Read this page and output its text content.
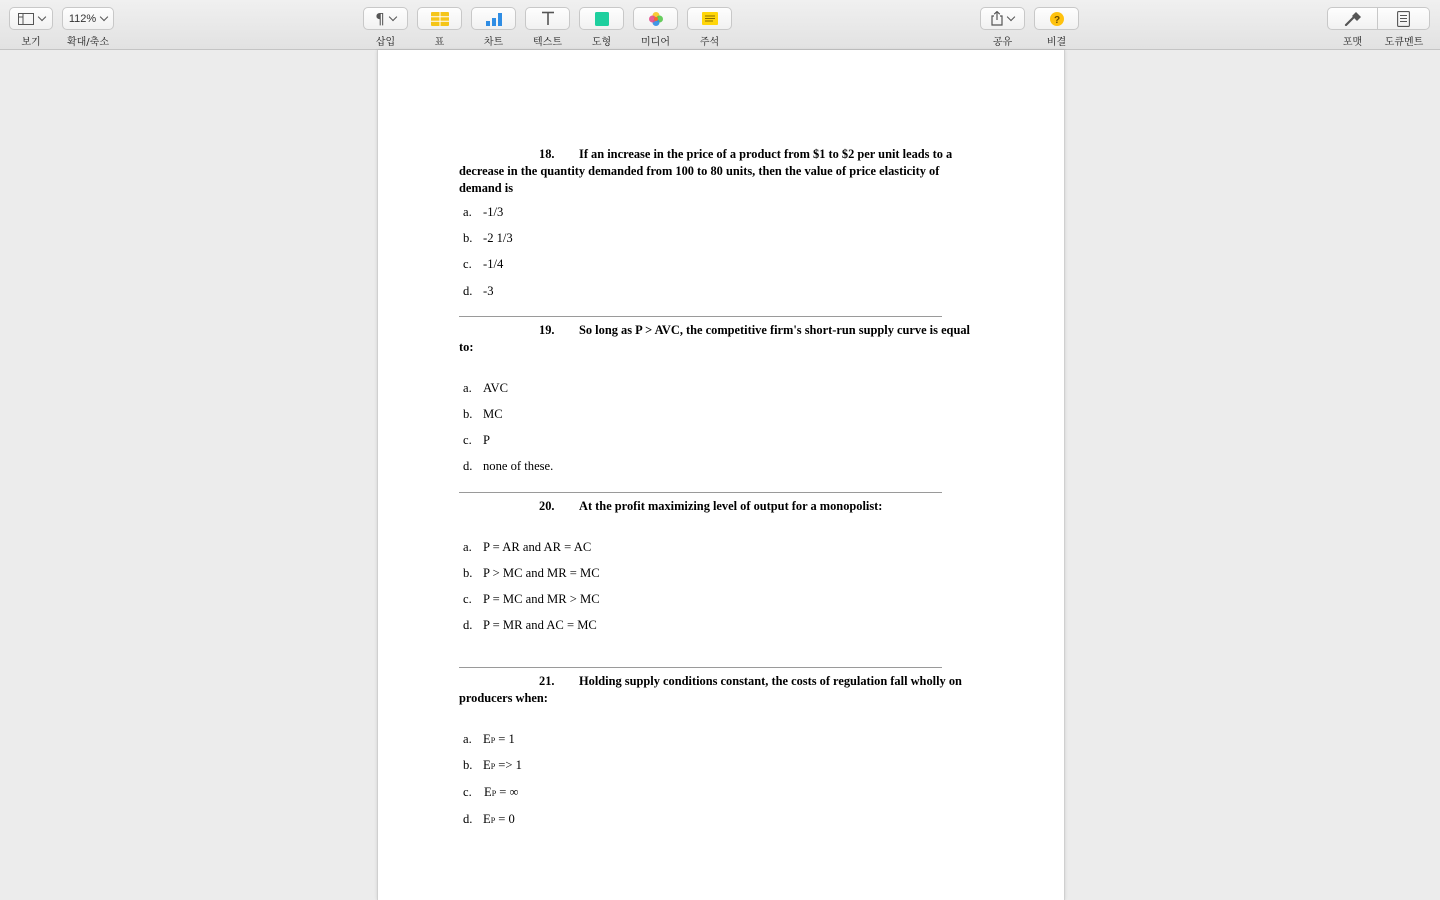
보기
112%
확대/축소
¶
삽입	표	차트	텍스트	도형	미디어	주석	공유
?
비결	포맷 도큐멘트
18. If an increase in the price of a product from $1 to $2 per unit leads to a decrease in the quantity demanded from 100 to 80 units, then the value of price elasticity of demand is
a. -1/3
b. -2 1/3
c. -1/4
d. -3
19. So long as P > AVC, the competitive firm's short-run supply curve is equal to:
a. AVC
b. MC
c. P
d. none of these.
20. At the profit maximizing level of output for a monopolist:
a. P = AR and AR = AC
b. P > MC and MR = MC
c. P = MC and MR > MC
d. P = MR and AC = MC
21. Holding supply conditions constant, the costs of regulation fall wholly on producers when:
a. EP = 1
b. EP => 1
c. EP = ∞
d. EP = 0
